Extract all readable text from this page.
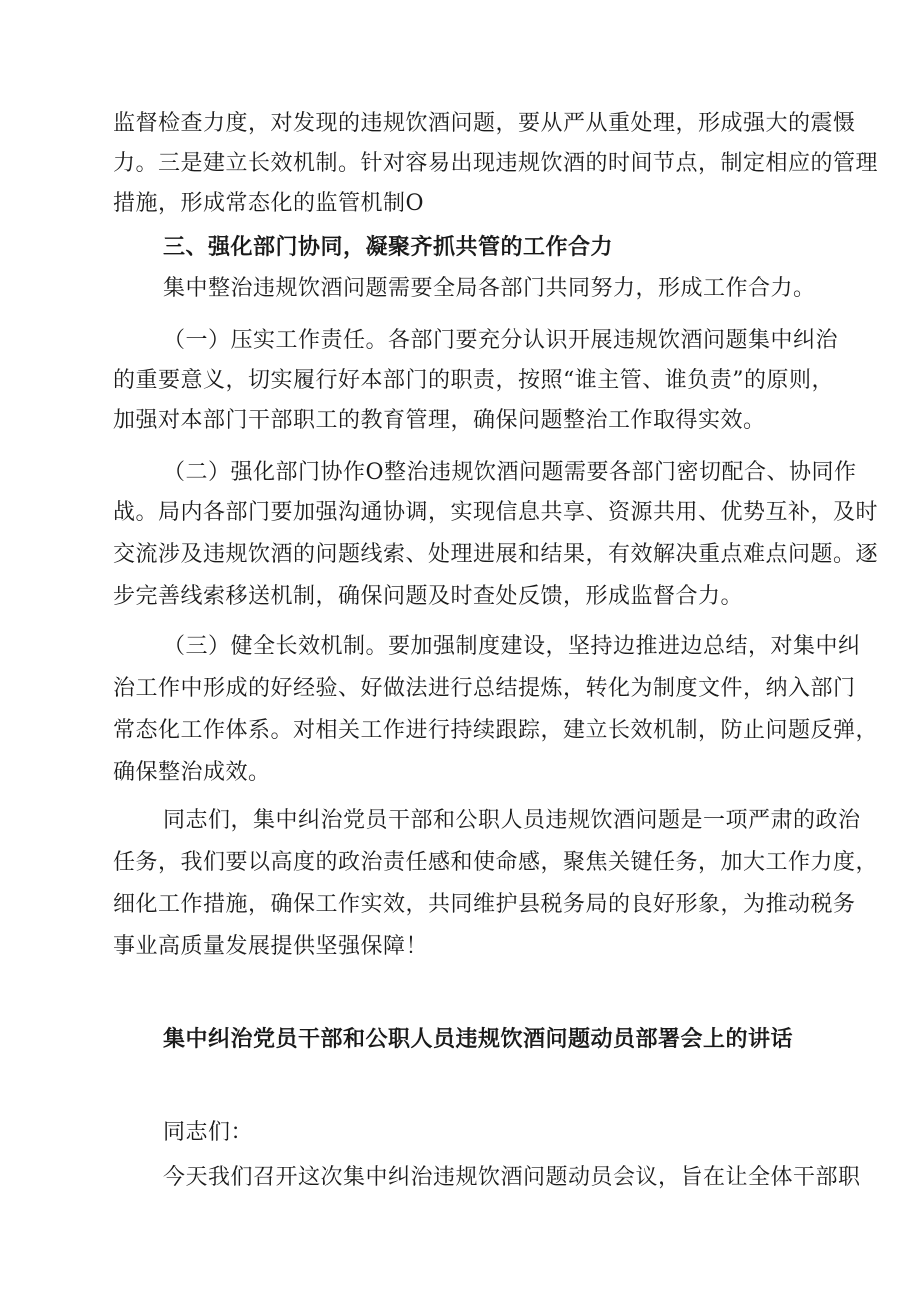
监督检查力度，对发现的违规饮酒问题，要从严从重处理，形成强大的震慑
力。三是建立长效机制。针对容易出现违规饮酒的时间节点，制定相应的管理
措施，形成常态化的监管机制O
三、强化部门协同，凝聚齐抓共管的工作合力
集中整治违规饮酒问题需要全局各部门共同努力，形成工作合力。
（一）压实工作责任。各部门要充分认识开展违规饮酒问题集中纠治
的重要意义，切实履行好本部门的职责，按照“谁主管、谁负责”的原则，
加强对本部门干部职工的教育管理，确保问题整治工作取得实效。
（二）强化部门协作O整治违规饮酒问题需要各部门密切配合、协同作
战。局内各部门要加强沟通协调，实现信息共享、资源共用、优势互补，及时
交流涉及违规饮酒的问题线索、处理进展和结果，有效解决重点难点问题。逐
步完善线索移送机制，确保问题及时查处反馈，形成监督合力。
（三）健全长效机制。要加强制度建设，坚持边推进边总结，对集中纠
治工作中形成的好经验、好做法进行总结提炼，转化为制度文件，纳入部门
常态化工作体系。对相关工作进行持续跟踪，建立长效机制，防止问题反弹，
确保整治成效。
同志们，集中纠治党员干部和公职人员违规饮酒问题是一项严肃的政治
任务，我们要以高度的政治责任感和使命感，聚焦关键任务，加大工作力度，
细化工作措施，确保工作实效，共同维护县税务局的良好形象，为推动税务
事业高质量发展提供坚强保障！
集中纠治党员干部和公职人员违规饮酒问题动员部署会上的讲话
同志们：
今天我们召开这次集中纠治违规饮酒问题动员会议，旨在让全体干部职
